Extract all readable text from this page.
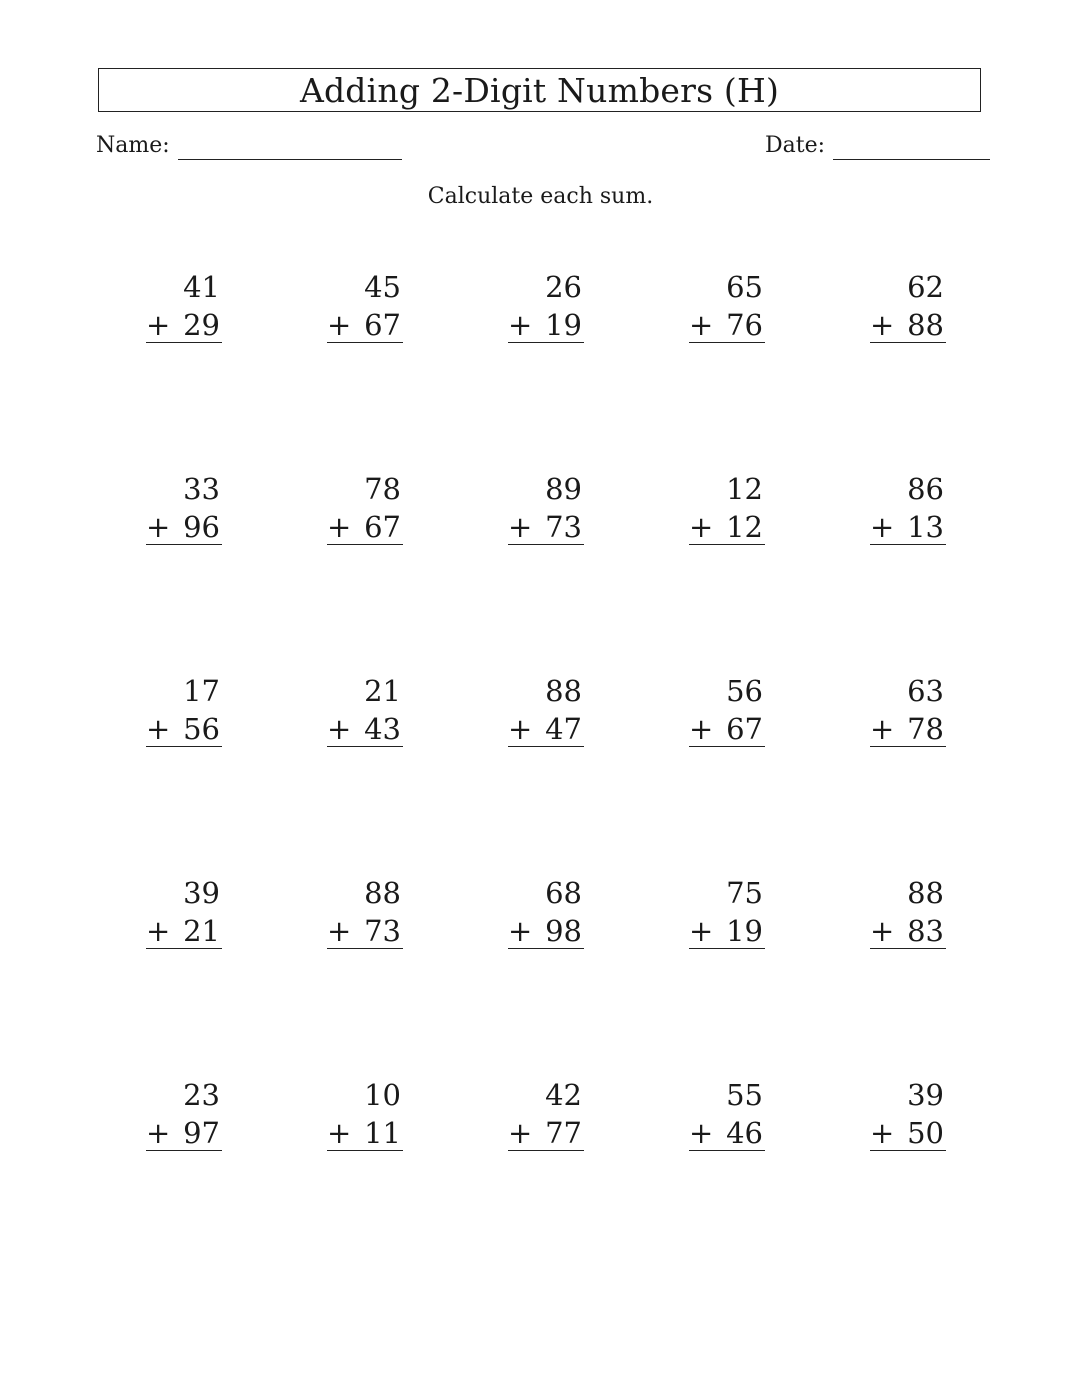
Adding 2-Digit Numbers (H)
Name:	Date:
Calculate each sum.
41
+ 29
45
+ 67
26
+ 19
65
+ 76
62
+ 88
33
+ 96
78
+ 67
89
+ 73
12
+ 12
86
+ 13
17
+ 56
21
+ 43
88
+ 47
56
+ 67
63
+ 78
39
+ 21
88
+ 73
68
+ 98
75
+ 19
88
+ 83
23
+ 97
10
+ 11
42
+ 77
55
+ 46
39
+ 50
